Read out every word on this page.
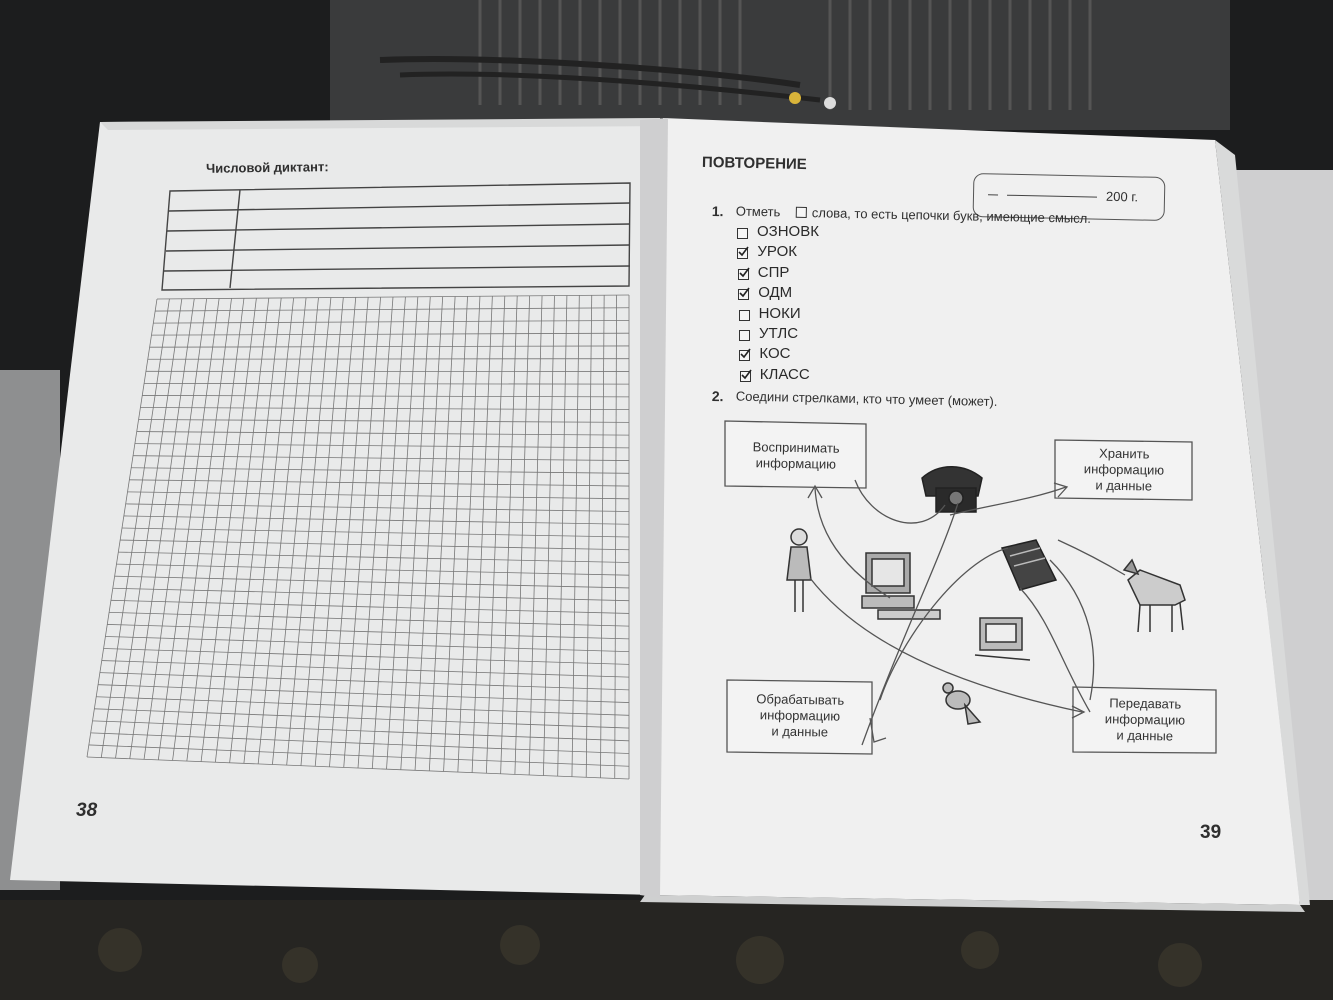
Числовой диктант:
38
ПОВТОРЕНИЕ
200 г.
1. Отметь слова, то есть цепочки букв, имеющие смысл.
ОЗНОВК
УРОК
СПР
ОДМ
НОКИ
УТЛС
КОС
КЛАСС
2. Соедини стрелками, кто что умеет (может).
Воспринимать
информацию
Хранить
информацию
и данные
Обрабатывать
информацию
и данные
Передавать
информацию
и данные
39
